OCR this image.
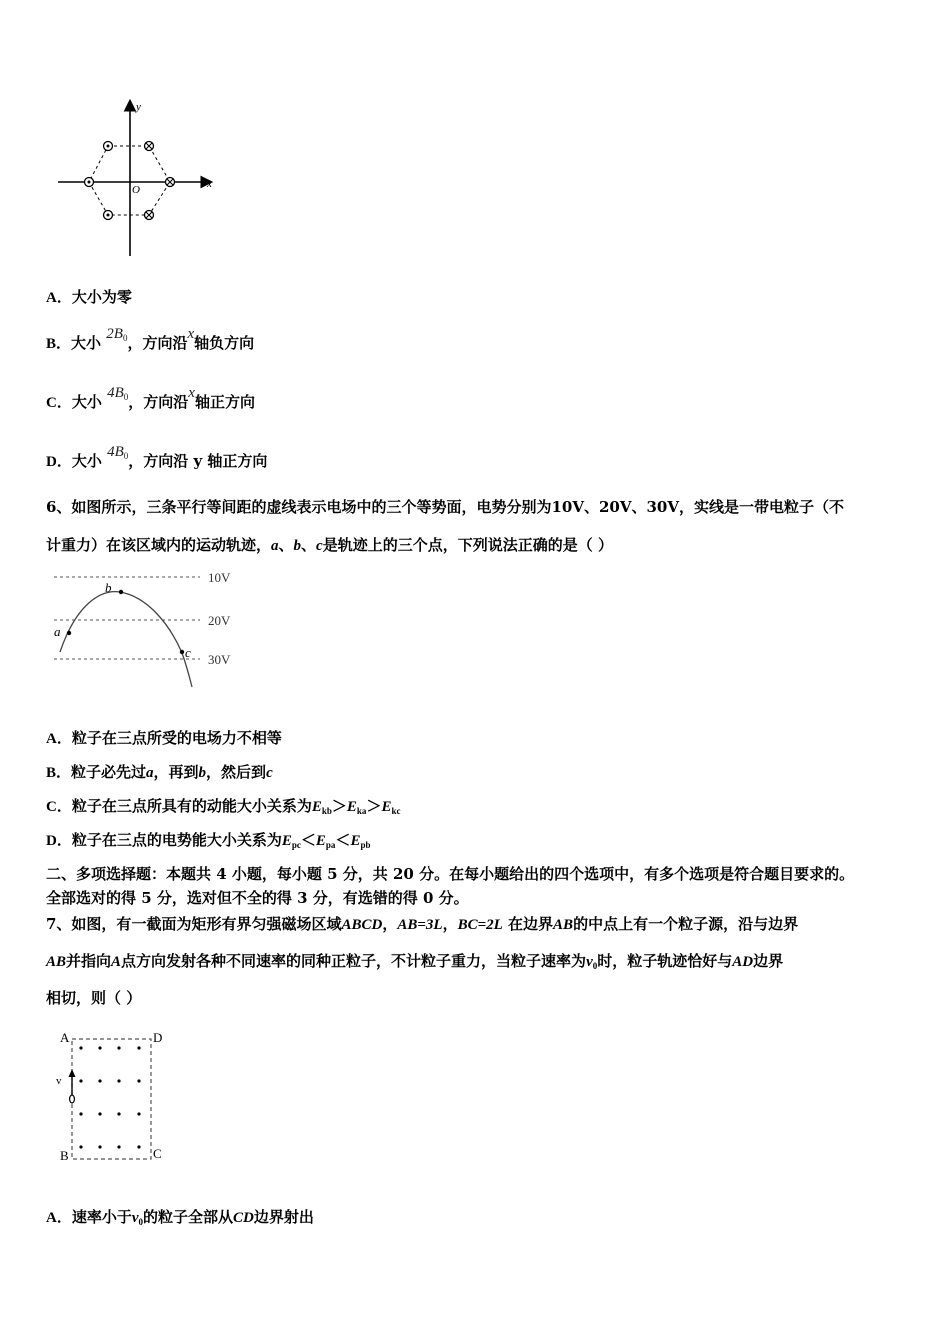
y
x
O
A．大小为零
B．大小 $2B_0$，方向沿x轴负方向
C．大小 $4B_0$，方向沿x轴正方向
D．大小 $4B_0$，方向沿 y 轴正方向
6、如图所示，三条平行等间距的虚线表示电场中的三个等势面，电势分别为10V、20V、30V，实线是一带电粒子（不
计重力）在该区域内的运动轨迹，a、b、c是轨迹上的三个点，下列说法正确的是（ ）
a
b
c
10V
20V
30V
A．粒子在三点所受的电场力不相等
B．粒子必先过a，再到b，然后到c
C．粒子在三点所具有的动能大小关系为$E_{kb}>E_{ka}>E_{kc}$
D．粒子在三点的电势能大小关系为$E_{pc}<E_{pa}<E_{pb}$
二、多项选择题：本题共 4 小题，每小题 5 分，共 20 分。在每小题给出的四个选项中，有多个选项是符合题目要求的。
全部选对的得 5 分，选对但不全的得 3 分，有选错的得 0 分。
7、如图，有一截面为矩形有界匀强磁场区域ABCD，AB=3L，BC=2L 在边界AB的中点上有一个粒子源，沿与边界
AB并指向A点方向发射各种不同速率的同种正粒子，不计粒子重力，当粒子速率为$v_0$时，粒子轨迹恰好与AD边界
相切，则（ ）
A	D
B	C
v
A．速率小于$v_0$的粒子全部从CD边界射出
